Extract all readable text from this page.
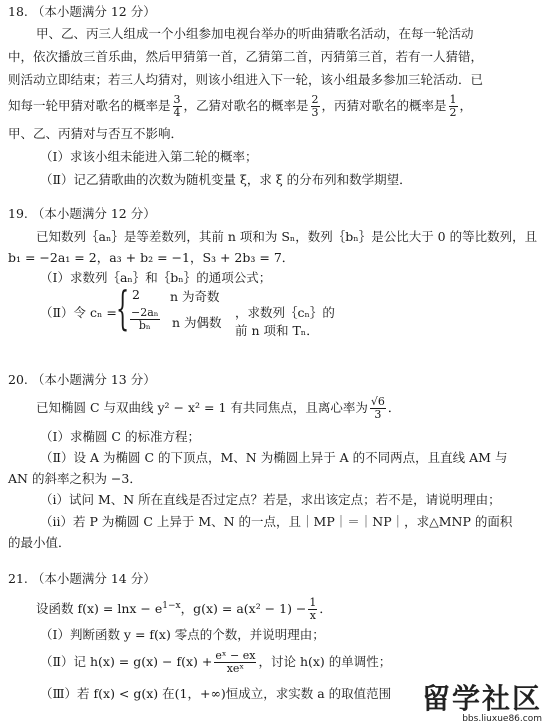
18. （本小题满分 12 分）
甲、乙、丙三人组成一个小组参加电视台举办的听曲猜歌名活动，在每一轮活动
中，依次播放三首乐曲，然后甲猜第一首，乙猜第二首，丙猜第三首，若有一人猜错，
则活动立即结束；若三人均猜对，则该小组进入下一轮，该小组最多参加三轮活动．已
知每一轮甲猜对歌名的概率是 $\frac{3}{4}$ ，乙猜对歌名的概率是 $\frac{2}{3}$ ，丙猜对歌名的概率是 $\frac{1}{2}$ ，
甲、乙、丙猜对与否互不影响．
（Ⅰ）求该小组未能进入第二轮的概率；
（Ⅱ）记乙猜歌曲的次数为随机变量 ξ，求 ξ 的分布列和数学期望．
19. （本小题满分 12 分）
已知数列｛aₙ｝是等差数列，其前 n 项和为 Sₙ，数列｛bₙ｝是公比大于 0 的等比数列，且
b₁ = −2a₁ = 2，a₃ + b₂ = −1，S₃ + 2b₃ = 7．
（Ⅰ）求数列｛aₙ｝和｛bₙ｝的通项公式；
（Ⅱ）令 cₙ = { 2 n 为奇数
$\frac{\text{−2aₙ}}{\text{bₙ}}$ n 为偶数
，求数列｛cₙ｝的前 n 项和 Tₙ．
20. （本小题满分 13 分）
已知椭圆 C 与双曲线 y² − x² = 1 有共同焦点，且离心率为 $\frac{√6}{3}$ ．
（Ⅰ）求椭圆 C 的标准方程；
（Ⅱ）设 A 为椭圆 C 的下顶点，M、N 为椭圆上异于 A 的不同两点，且直线 AM 与
AN 的斜率之积为 −3．
（ⅰ）试问 M、N 所在直线是否过定点？若是，求出该定点；若不是，请说明理由；
（ⅱ）若 P 为椭圆 C 上异于 M、N 的一点，且｜MP｜＝｜NP｜，求△MNP 的面积
的最小值．
21. （本小题满分 14 分）
设函数 $f(x) = \ln x - e^{1-x}$，$g(x) = a(x^2 - 1) - \frac{1}{x}$ ．
（Ⅰ）判断函数 y = f(x) 零点的个数，并说明理由；
（Ⅱ）记 $h(x) = g(x) - f(x) + \frac{\text{eˣ − ex}}{\text{xeˣ}}$ ，讨论 h(x) 的单调性；
（Ⅲ）若 f(x) < g(x) 在(1，+∞)恒成立，求实数 a 的取值范围	留学社区
bbs.liuxue86.com
